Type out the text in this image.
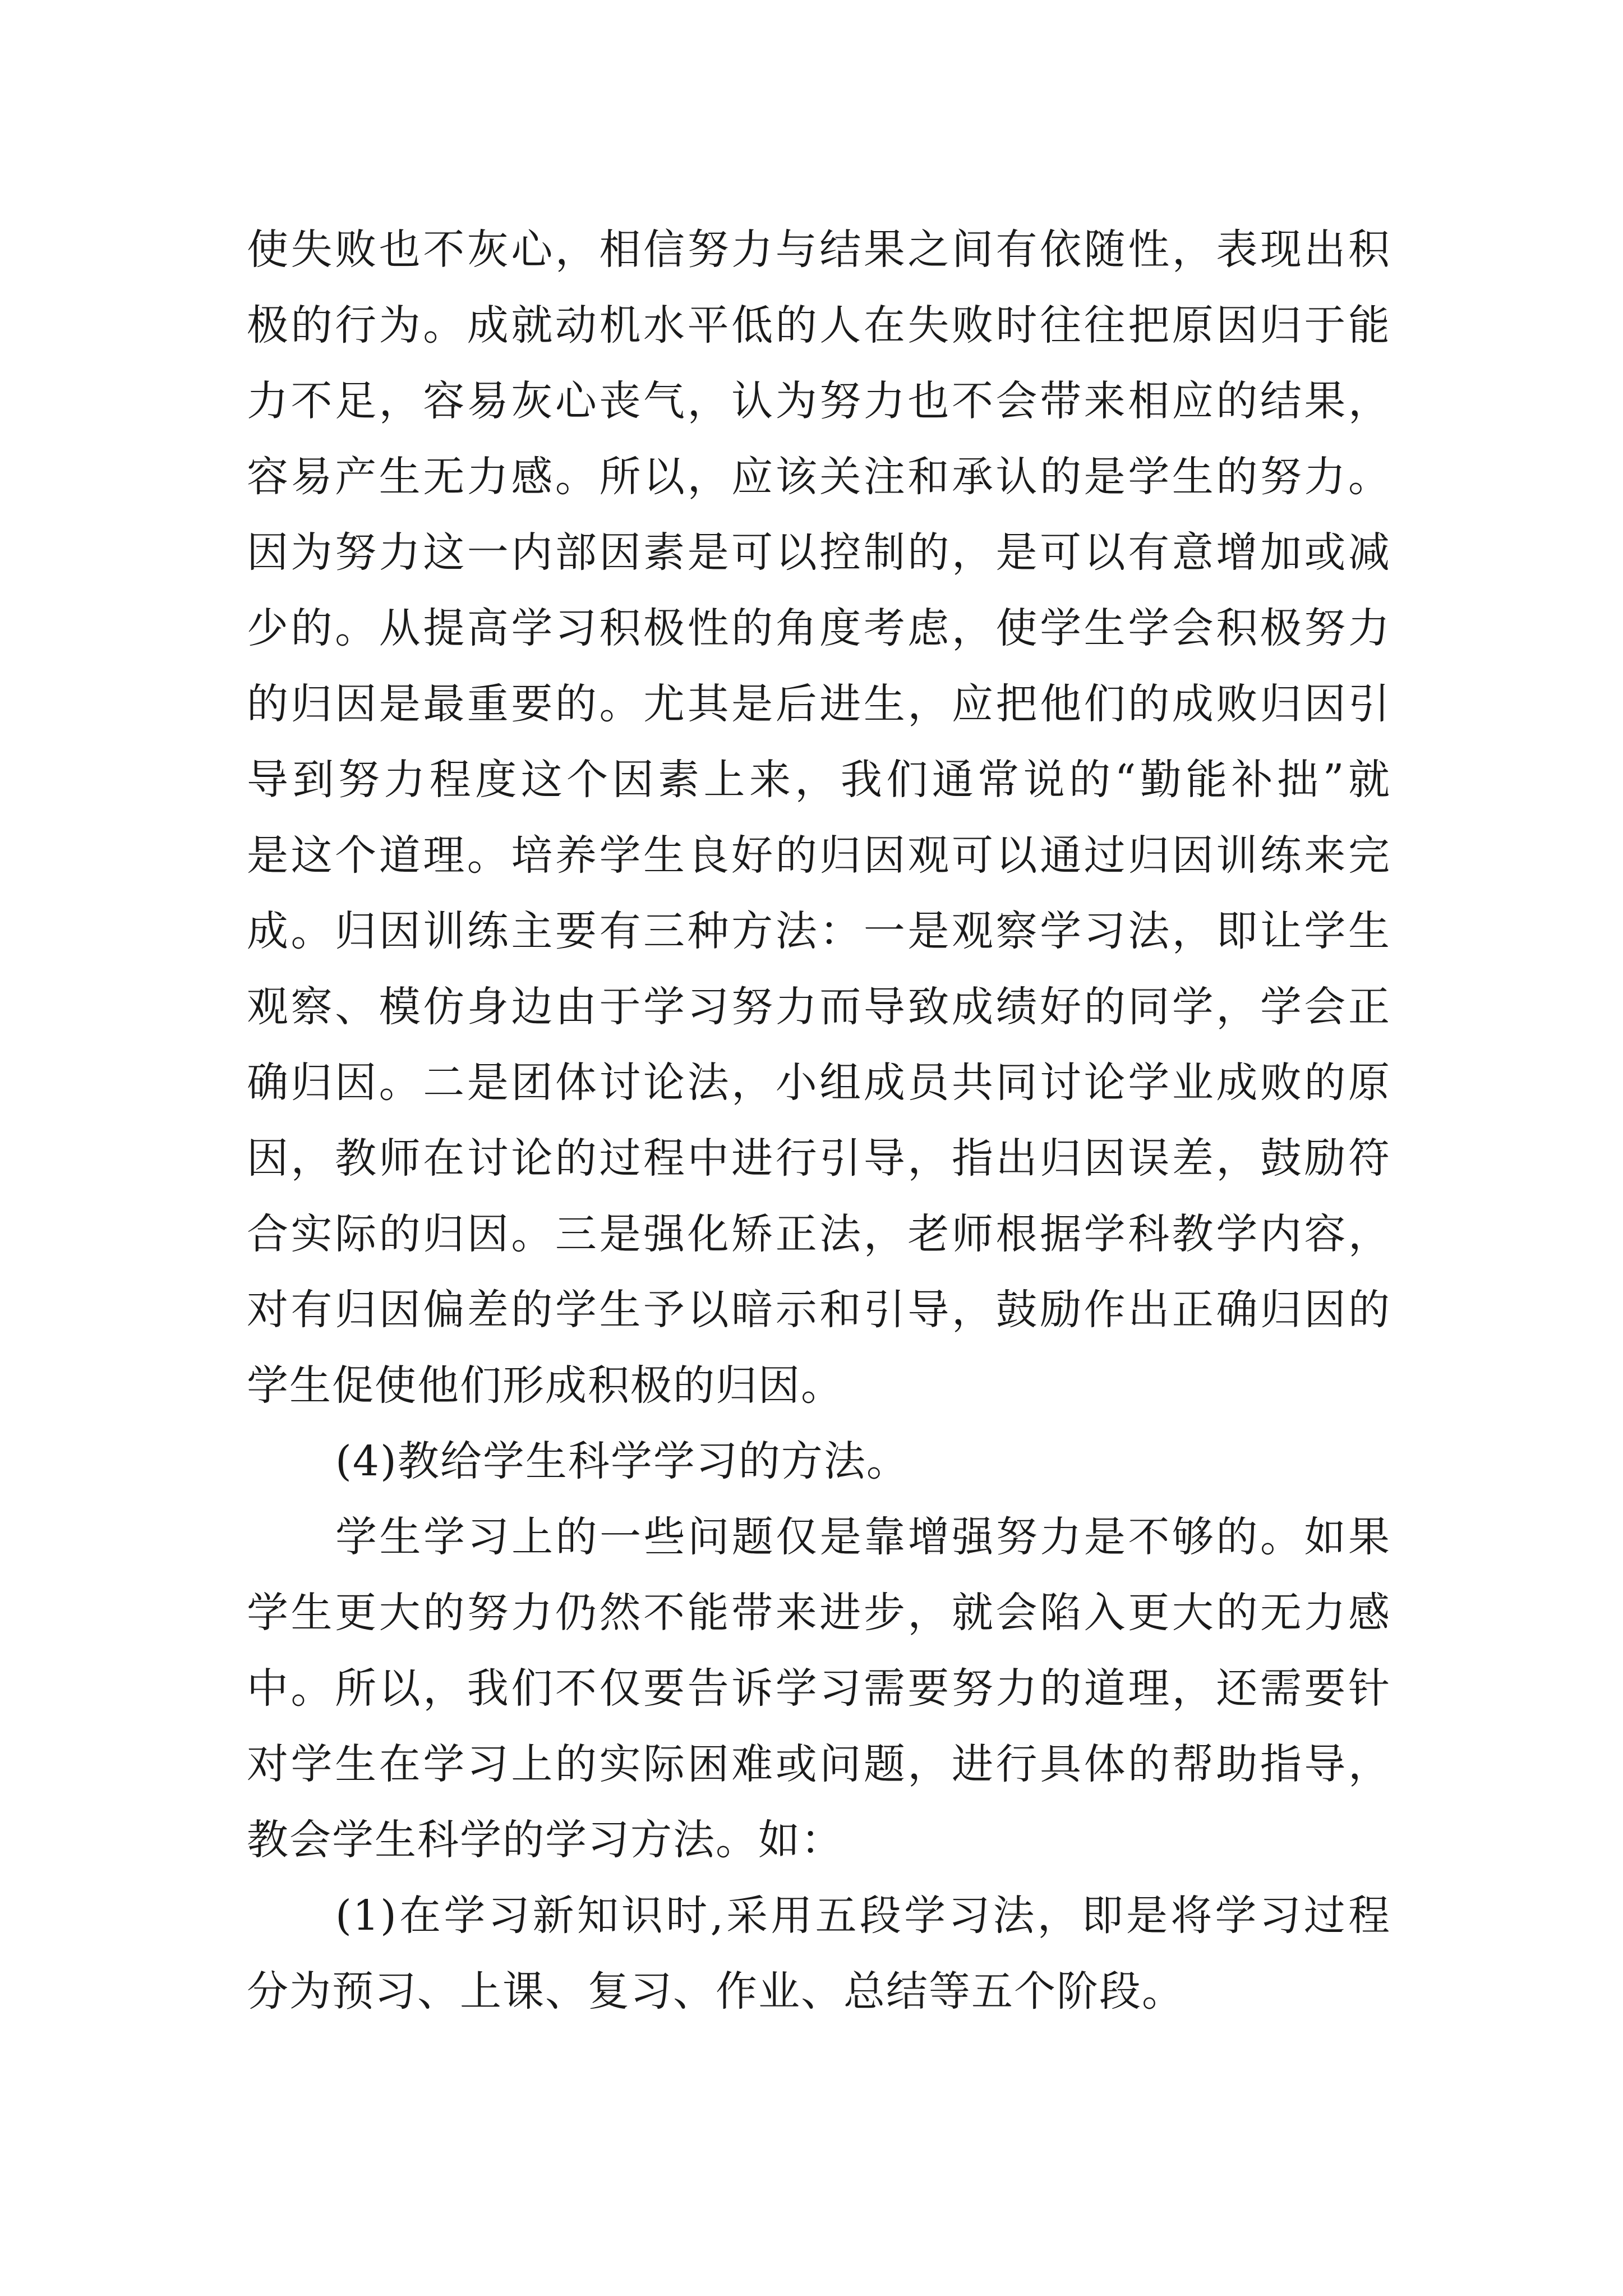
使失败也不灰心，相信努力与结果之间有依随性，表现出积
极的行为。成就动机水平低的人在失败时往往把原因归于能
力不足，容易灰心丧气，认为努力也不会带来相应的结果，
容易产生无力感。所以，应该关注和承认的是学生的努力。
因为努力这一内部因素是可以控制的，是可以有意增加或减
少的。从提高学习积极性的角度考虑，使学生学会积极努力
的归因是最重要的。尤其是后进生，应把他们的成败归因引
导到努力程度这个因素上来，我们通常说的“勤能补拙”就
是这个道理。培养学生良好的归因观可以通过归因训练来完
成。归因训练主要有三种方法：一是观察学习法，即让学生
观察、模仿身边由于学习努力而导致成绩好的同学，学会正
确归因。二是团体讨论法，小组成员共同讨论学业成败的原
因，教师在讨论的过程中进行引导，指出归因误差，鼓励符
合实际的归因。三是强化矫正法，老师根据学科教学内容，
对有归因偏差的学生予以暗示和引导，鼓励作出正确归因的
学生促使他们形成积极的归因。
(4)教给学生科学学习的方法。
学生学习上的一些问题仅是靠增强努力是不够的。如果
学生更大的努力仍然不能带来进步，就会陷入更大的无力感
中。所以，我们不仅要告诉学习需要努力的道理，还需要针
对学生在学习上的实际困难或问题，进行具体的帮助指导，
教会学生科学的学习方法。如：
(1)在学习新知识时,采用五段学习法，即是将学习过程
分为预习、上课、复习、作业、总结等五个阶段。
